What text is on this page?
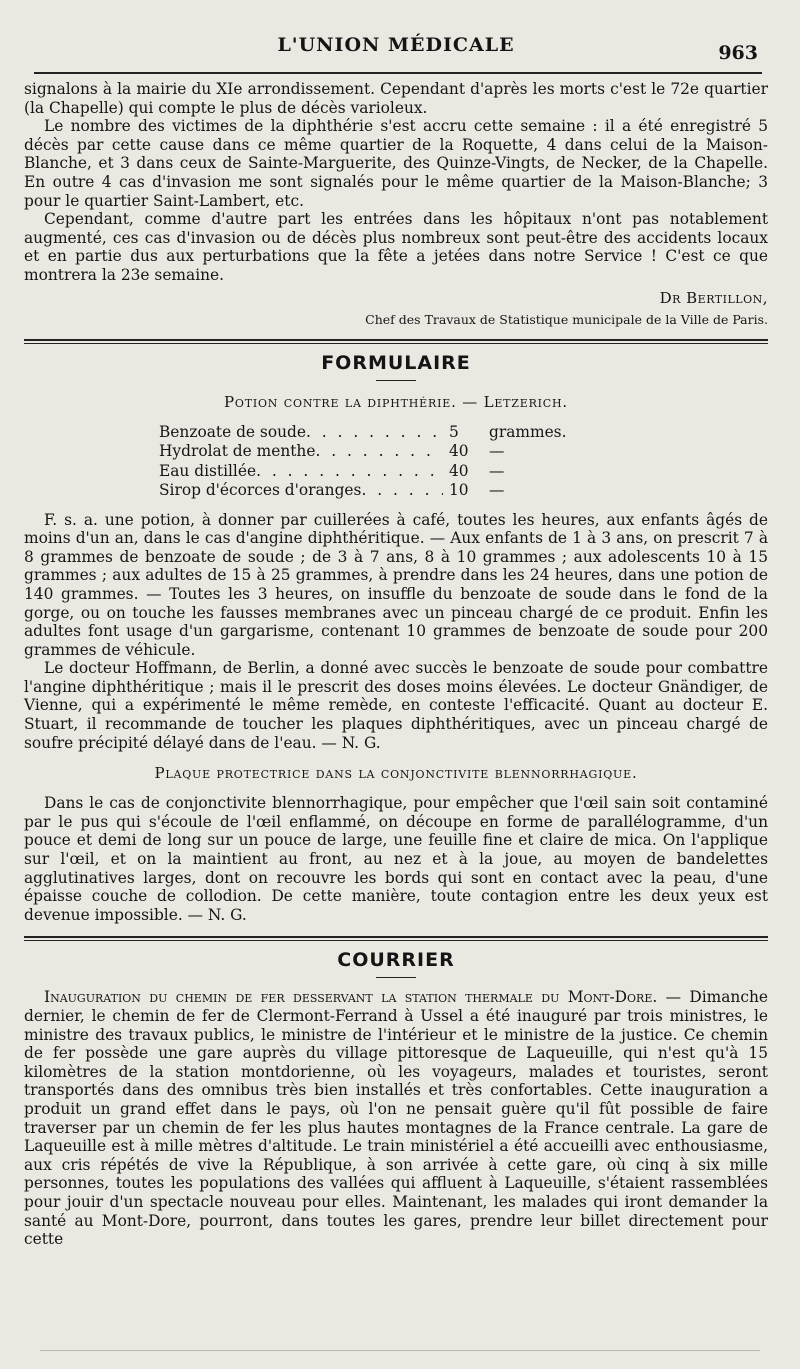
L'UNION MÉDICALE	963

signalons à la mairie du XIe arrondissement. Cependant d'après les morts c'est le 72e quartier (la Chapelle) qui compte le plus de décès varioleux.

Le nombre des victimes de la diphthérie s'est accru cette semaine : il a été enregistré 5 décès par cette cause dans ce même quartier de la Roquette, 4 dans celui de la Maison-Blanche, et 3 dans ceux de Sainte-Marguerite, des Quinze-Vingts, de Necker, de la Chapelle. En outre 4 cas d'invasion me sont signalés pour le même quartier de la Maison-Blanche; 3 pour le quartier Saint-Lambert, etc.

Cependant, comme d'autre part les entrées dans les hôpitaux n'ont pas notablement augmenté, ces cas d'invasion ou de décès plus nombreux sont peut-être des accidents locaux et en partie dus aux perturbations que la fête a jetées dans notre Service ! C'est ce que montrera la 23e semaine.

Dr Bertillon,
Chef des Travaux de Statistique municipale de la Ville de Paris.
FORMULAIRE
Potion contre la diphthérie. — Letzerich.
Benzoate de soude . . .	5	grammes.
Hydrolat de menthe . . .	40	—
Eau distillée . . .	40	—
Sirop d'écorces d'oranges . . .	10	—

F. s. a. une potion, à donner par cuillerées à café, toutes les heures, aux enfants âgés de moins d'un an, dans le cas d'angine diphthéritique. — Aux enfants de 1 à 3 ans, on prescrit 7 à 8 grammes de benzoate de soude ; de 3 à 7 ans, 8 à 10 grammes ; aux adolescents 10 à 15 grammes ; aux adultes de 15 à 25 grammes, à prendre dans les 24 heures, dans une potion de 140 grammes. — Toutes les 3 heures, on insuffle du benzoate de soude dans le fond de la gorge, ou on touche les fausses membranes avec un pinceau chargé de ce produit. Enfin les adultes font usage d'un gargarisme, contenant 10 grammes de benzoate de soude pour 200 grammes de véhicule.

Le docteur Hoffmann, de Berlin, a donné avec succès le benzoate de soude pour combattre l'angine diphthéritique ; mais il le prescrit des doses moins élevées. Le docteur Gnändiger, de Vienne, qui a expérimenté le même remède, en conteste l'efficacité. Quant au docteur E. Stuart, il recommande de toucher les plaques diphthéritiques, avec un pinceau chargé de soufre précipité délayé dans de l'eau. — N. G.

Plaque protectrice dans la conjonctivite blennorrhagique.

Dans le cas de conjonctivite blennorrhagique, pour empêcher que l'œil sain soit contaminé par le pus qui s'écoule de l'œil enflammé, on découpe en forme de parallélogramme, d'un pouce et demi de long sur un pouce de large, une feuille fine et claire de mica. On l'applique sur l'œil, et on la maintient au front, au nez et à la joue, au moyen de bandelettes agglutinatives larges, dont on recouvre les bords qui sont en contact avec la peau, d'une épaisse couche de collodion. De cette manière, toute contagion entre les deux yeux est devenue impossible. — N. G.

COURRIER

Inauguration du chemin de fer desservant la station thermale du Mont-Dore. — Dimanche dernier, le chemin de fer de Clermont-Ferrand à Ussel a été inauguré par trois ministres, le ministre des travaux publics, le ministre de l'intérieur et le ministre de la justice. Ce chemin de fer possède une gare auprès du village pittoresque de Laqueuille, qui n'est qu'à 15 kilomètres de la station montdorienne, où les voyageurs, malades et touristes, seront transportés dans des omnibus très bien installés et très confortables. Cette inauguration a produit un grand effet dans le pays, où l'on ne pensait guère qu'il fût possible de faire traverser par un chemin de fer les plus hautes montagnes de la France centrale. La gare de Laqueuille est à mille mètres d'altitude. Le train ministériel a été accueilli avec enthousiasme, aux cris répétés de vive la République, à son arrivée à cette gare, où cinq à six mille personnes, toutes les populations des vallées qui affluent à Laqueuille, s'étaient rassemblées pour jouir d'un spectacle nouveau pour elles. Maintenant, les malades qui iront demander la santé au Mont-Dore, pourront, dans toutes les gares, prendre leur billet directement pour cette
